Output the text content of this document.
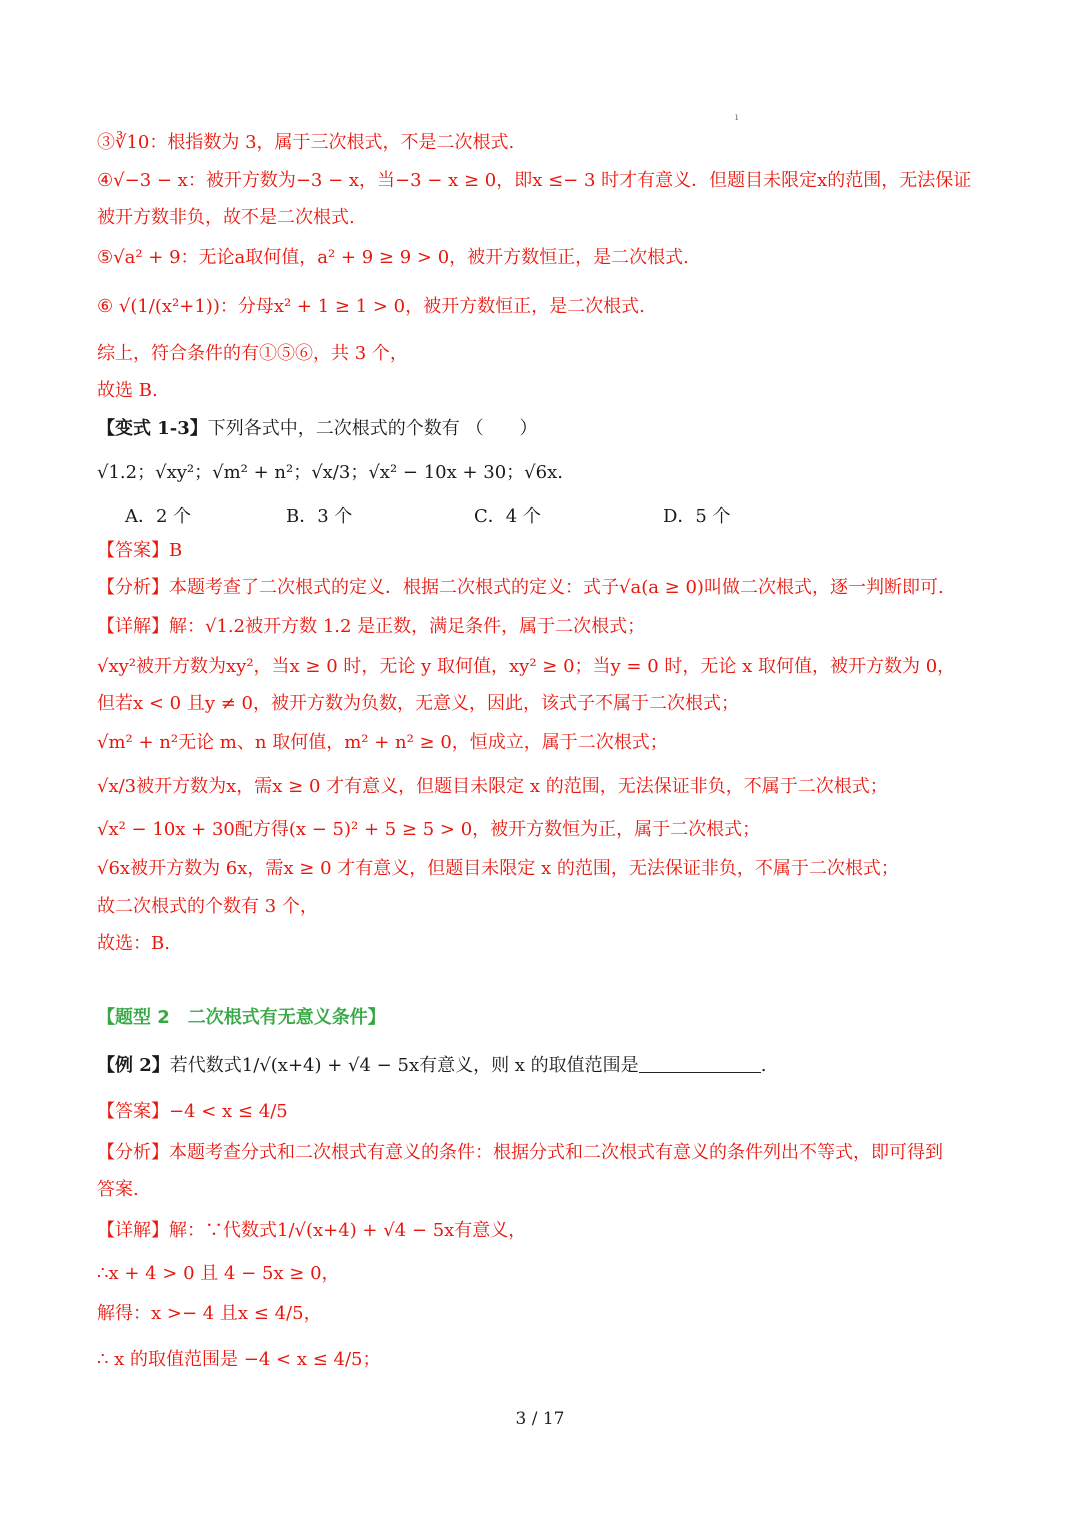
ı
③∛10：根指数为 3，属于三次根式，不是二次根式.
④√−3 − x：被开方数为−3 − x，当−3 − x ≥ 0，即x ≤− 3 时才有意义．但题目未限定x的范围，无法保证
被开方数非负，故不是二次根式.
⑤√a² + 9：无论a取何值，a² + 9 ≥ 9 > 0，被开方数恒正，是二次根式.
⑥ √(1/(x²+1))：分母x² + 1 ≥ 1 > 0，被开方数恒正，是二次根式.
综上，符合条件的有①⑤⑥，共 3 个，
故选 B.
【变式 1-3】下列各式中，二次根式的个数有 （　　）
√1.2；√xy²；√m² + n²；√x/3；√x² − 10x + 30；√6x.
A．2 个	B．3 个	C．4 个	D．5 个
【答案】B
【分析】本题考查了二次根式的定义．根据二次根式的定义：式子√a(a ≥ 0)叫做二次根式，逐一判断即可.
【详解】解：√1.2被开方数 1.2 是正数，满足条件，属于二次根式；
√xy²被开方数为xy²，当x ≥ 0 时，无论 y 取何值，xy² ≥ 0；当y = 0 时，无论 x 取何值，被开方数为 0，
但若x < 0 且y ≠ 0，被开方数为负数，无意义，因此，该式子不属于二次根式；
√m² + n²无论 m、n 取何值，m² + n² ≥ 0，恒成立，属于二次根式；
√x/3被开方数为x，需x ≥ 0 才有意义，但题目未限定 x 的范围，无法保证非负，不属于二次根式；
√x² − 10x + 30配方得(x − 5)² + 5 ≥ 5 > 0，被开方数恒为正，属于二次根式；
√6x被开方数为 6x，需x ≥ 0 才有意义，但题目未限定 x 的范围，无法保证非负，不属于二次根式；
故二次根式的个数有 3 个，
故选：B.
【题型 2　二次根式有无意义条件】
【例 2】若代数式1/√(x+4) + √4 − 5x有意义，则 x 的取值范围是	.
【答案】−4 < x ≤ 4/5
【分析】本题考查分式和二次根式有意义的条件：根据分式和二次根式有意义的条件列出不等式，即可得到
答案.
【详解】解：∵代数式1/√(x+4) + √4 − 5x有意义，
∴x + 4 > 0 且 4 − 5x ≥ 0，
解得：x >− 4 且x ≤ 4/5，
∴ x 的取值范围是 −4 < x ≤ 4/5；
3 / 17
